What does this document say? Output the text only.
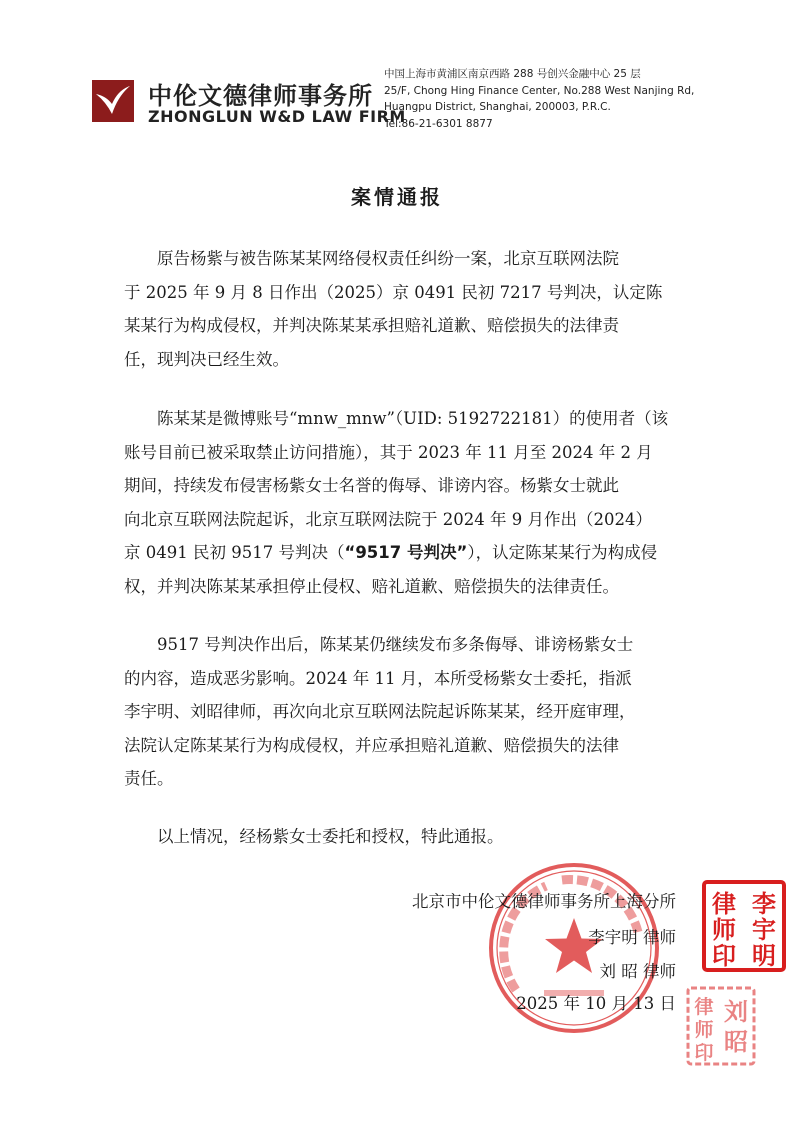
中伦文德律师事务所
ZHONGLUN W&D LAW FIRM
中国上海市黄浦区南京西路 288 号创兴金融中心 25 层
25/F, Chong Hing Finance Center, No.288 West Nanjing Rd,
Huangpu District, Shanghai, 200003, P.R.C.
Tel:86-21-6301 8877
案情通报
原告杨紫与被告陈某某网络侵权责任纠纷一案，北京互联网法院
于 2025 年 9 月 8 日作出（2025）京 0491 民初 7217 号判决，认定陈
某某行为构成侵权，并判决陈某某承担赔礼道歉、赔偿损失的法律责
任，现判决已经生效。
陈某某是微博账号“mnw_mnw”（UID: 5192722181）的使用者（该
账号目前已被采取禁止访问措施），其于 2023 年 11 月至 2024 年 2 月
期间，持续发布侵害杨紫女士名誉的侮辱、诽谤内容。杨紫女士就此
向北京互联网法院起诉，北京互联网法院于 2024 年 9 月作出（2024）
京 0491 民初 9517 号判决（“9517 号判决”），认定陈某某行为构成侵
权，并判决陈某某承担停止侵权、赔礼道歉、赔偿损失的法律责任。
9517 号判决作出后，陈某某仍继续发布多条侮辱、诽谤杨紫女士
的内容，造成恶劣影响。2024 年 11 月，本所受杨紫女士委托，指派
李宇明、刘昭律师，再次向北京互联网法院起诉陈某某，经开庭审理，
法院认定陈某某行为构成侵权，并应承担赔礼道歉、赔偿损失的法律
责任。
以上情况，经杨紫女士委托和授权，特此通报。
北京市中伦文德律师事务所上海分所
李宇明 律师
刘 昭 律师
2025 年 10 月 13 日
律 李
师 宇
印 明
律 刘
师 昭
印
